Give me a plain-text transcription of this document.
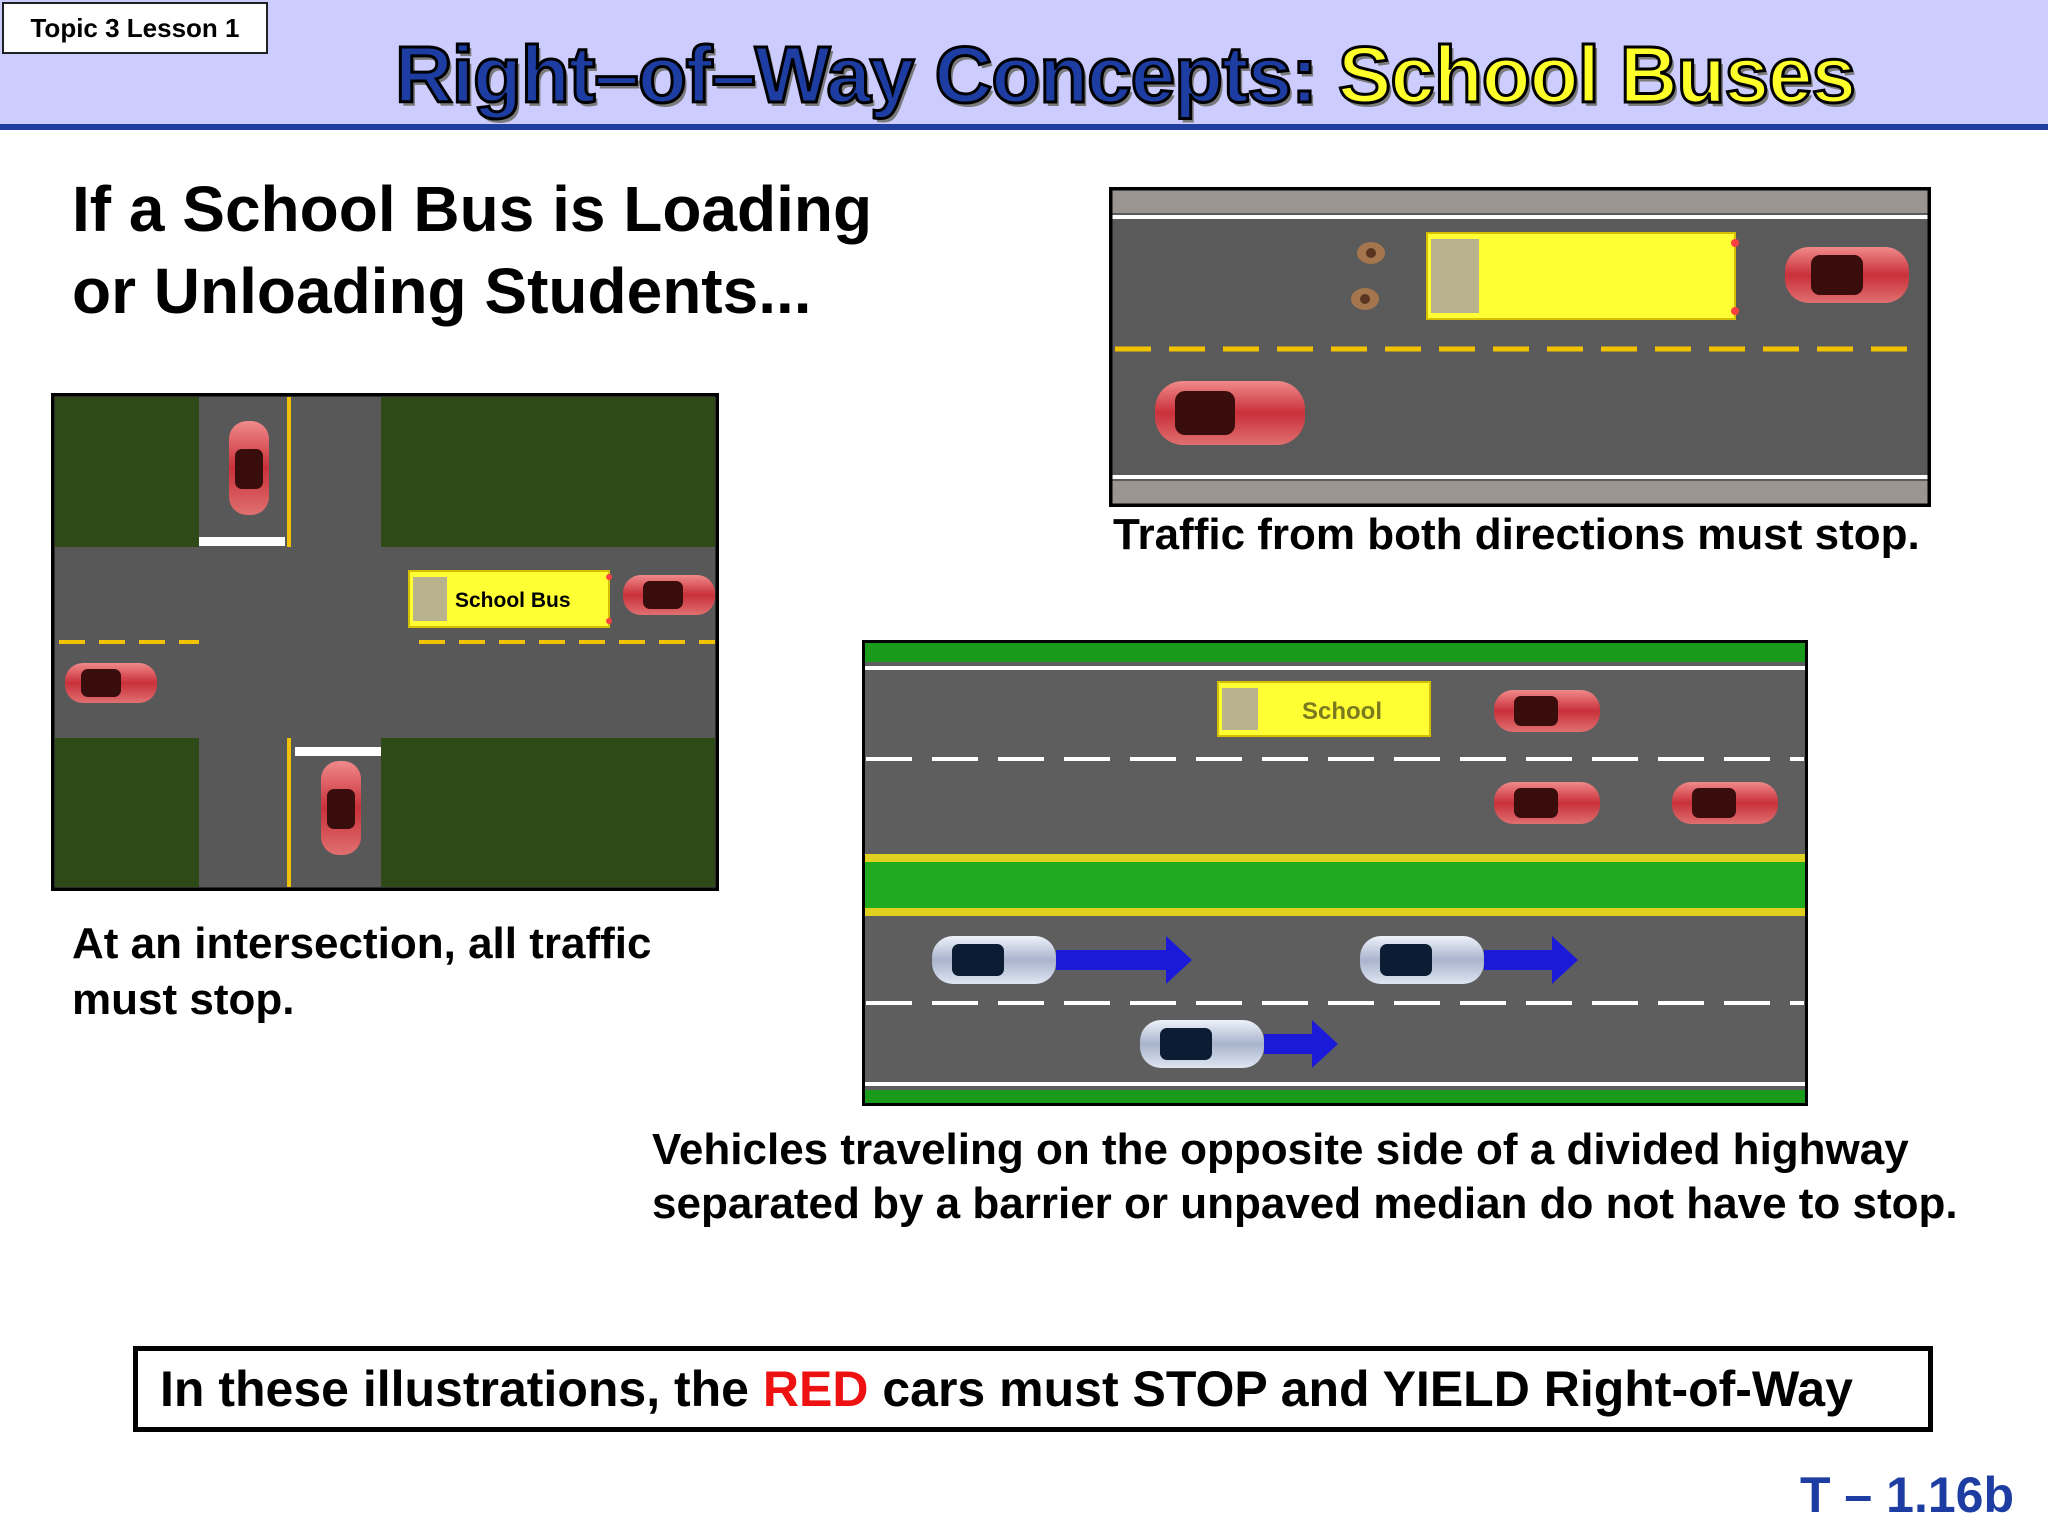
Topic 3 Lesson 1
Right–of–Way Concepts: School Buses
If a School Bus is Loading
or Unloading Students...
School Bus
At an intersection, all traffic
must stop.
Traffic from both directions must stop.
School
Vehicles traveling on the opposite side of a divided highway
separated by a barrier or unpaved median do not have to stop.
In these illustrations, the RED cars must STOP and YIELD Right-of-Way
T – 1.16b
